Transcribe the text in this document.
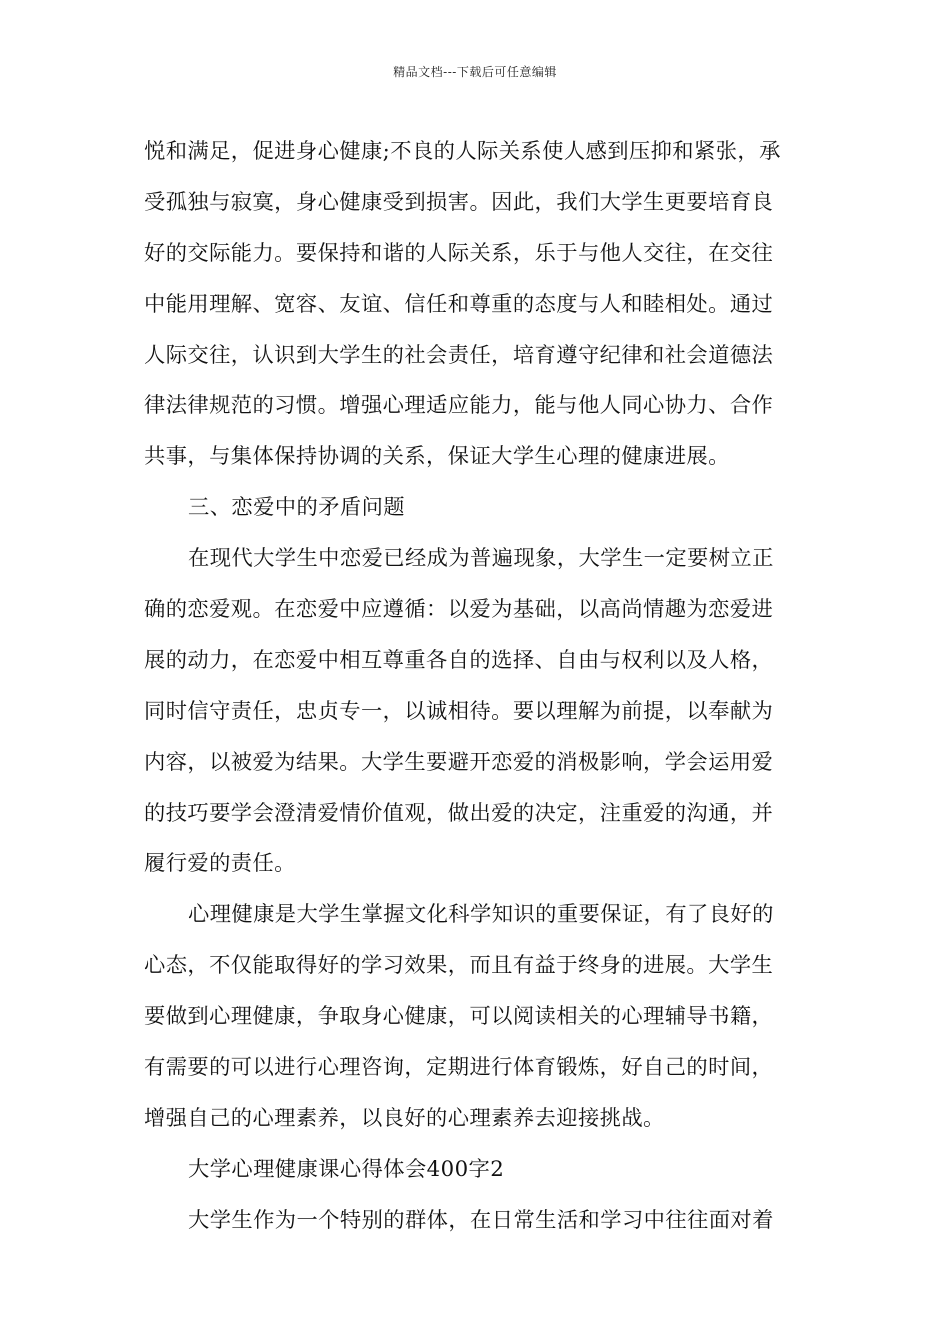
精品文档---下载后可任意编辑
悦和满足，促进身心健康;不良的人际关系使人感到压抑和紧张，承
受孤独与寂寞，身心健康受到损害。因此，我们大学生更要培育良
好的交际能力。要保持和谐的人际关系，乐于与他人交往，在交往
中能用理解、宽容、友谊、信任和尊重的态度与人和睦相处。通过
人际交往，认识到大学生的社会责任，培育遵守纪律和社会道德法
律法律规范的习惯。增强心理适应能力，能与他人同心协力、合作
共事，与集体保持协调的关系，保证大学生心理的健康进展。
三、恋爱中的矛盾问题
在现代大学生中恋爱已经成为普遍现象，大学生一定要树立正
确的恋爱观。在恋爱中应遵循：以爱为基础，以高尚情趣为恋爱进
展的动力，在恋爱中相互尊重各自的选择、自由与权利以及人格，
同时信守责任，忠贞专一，以诚相待。要以理解为前提，以奉献为
内容，以被爱为结果。大学生要避开恋爱的消极影响，学会运用爱
的技巧要学会澄清爱情价值观，做出爱的决定，注重爱的沟通，并
履行爱的责任。
心理健康是大学生掌握文化科学知识的重要保证，有了良好的
心态，不仅能取得好的学习效果，而且有益于终身的进展。大学生
要做到心理健康，争取身心健康，可以阅读相关的心理辅导书籍，
有需要的可以进行心理咨询，定期进行体育锻炼，好自己的时间，
增强自己的心理素养，以良好的心理素养去迎接挑战。
大学心理健康课心得体会400字2
大学生作为一个特别的群体，在日常生活和学习中往往面对着
